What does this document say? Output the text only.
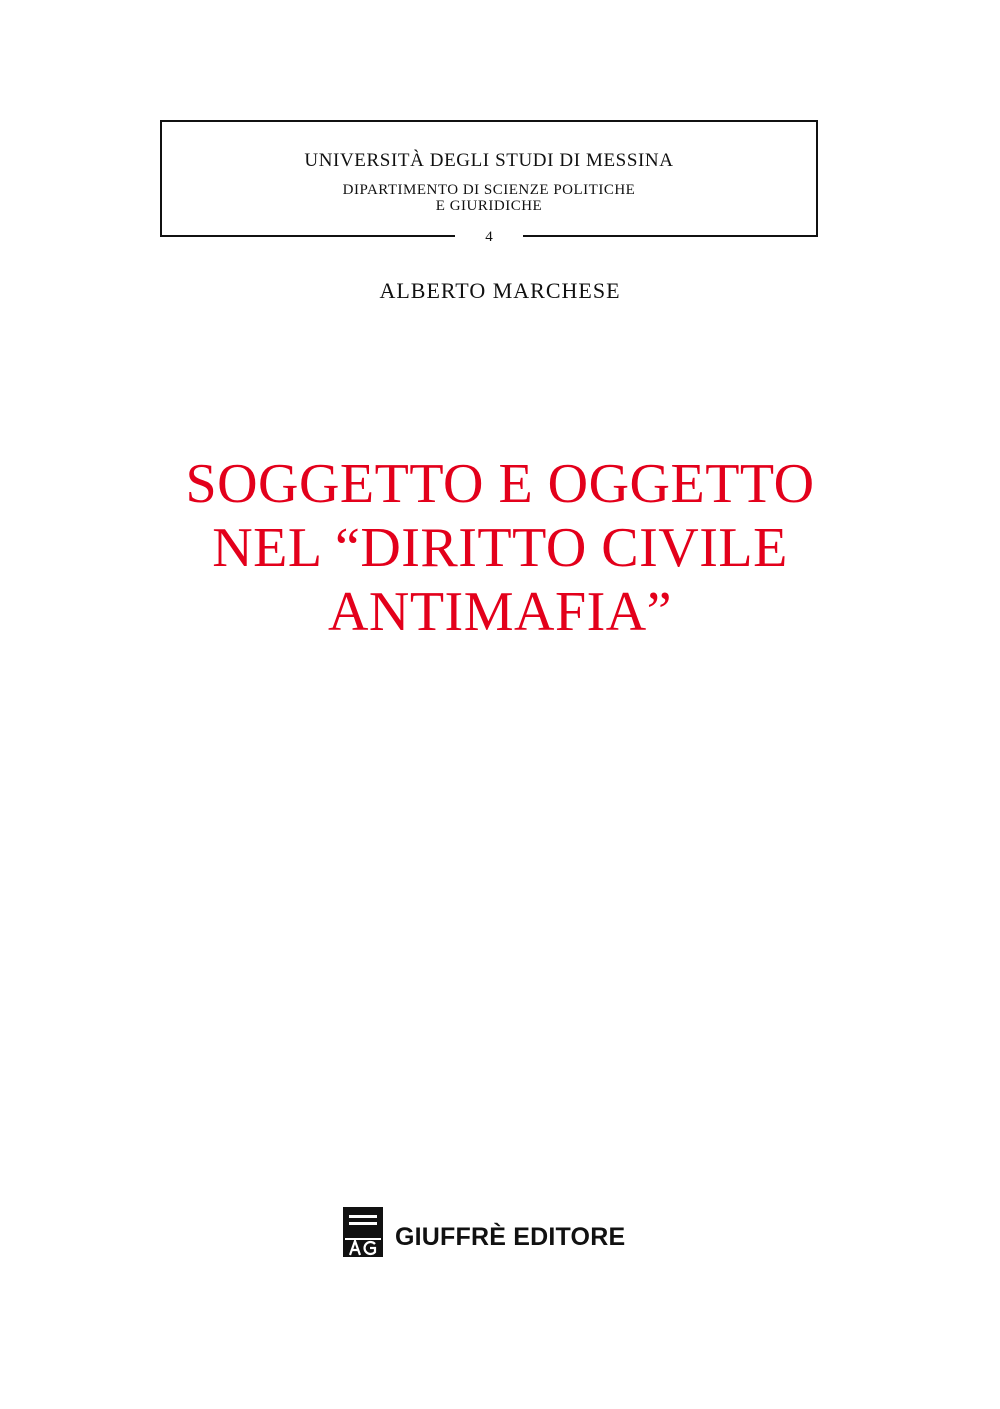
UNIVERSITÀ DEGLI STUDI DI MESSINA
DIPARTIMENTO DI SCIENZE POLITICHE
E GIURIDICHE
4
ALBERTO MARCHESE
SOGGETTO E OGGETTO
NEL “DIRITTO CIVILE
ANTIMAFIA”
GIUFFRÈ EDITORE
